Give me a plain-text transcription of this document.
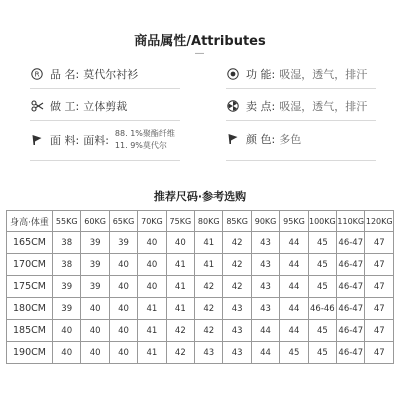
商品属性/Attributes
—
R 品 名: 莫代尔衬衫	功 能: 吸湿，透气，排汗
做 工: 立体剪裁	卖 点: 吸湿，透气，排汗
面 料: 面料:
88. 1%聚酯纤维
11. 9%莫代尔	颜 色: 多色
推荐尺码·参考选购
身高·体重	55KG	60KG	65KG	70KG	75KG	80KG	85KG	90KG	95KG	100KG	110KG	120KG
165CM	38	39	39	40	40	41	42	43	44	45	46-47	47
170CM	38	39	40	40	41	41	42	43	44	45	46-47	47
175CM	39	39	40	40	41	42	42	43	44	45	46-47	47
180CM	39	40	40	41	41	42	43	43	44	46-46	46-47	47
185CM	40	40	40	41	42	42	43	44	44	45	46-47	47
190CM	40	40	40	41	42	43	43	44	45	45	46-47	47
